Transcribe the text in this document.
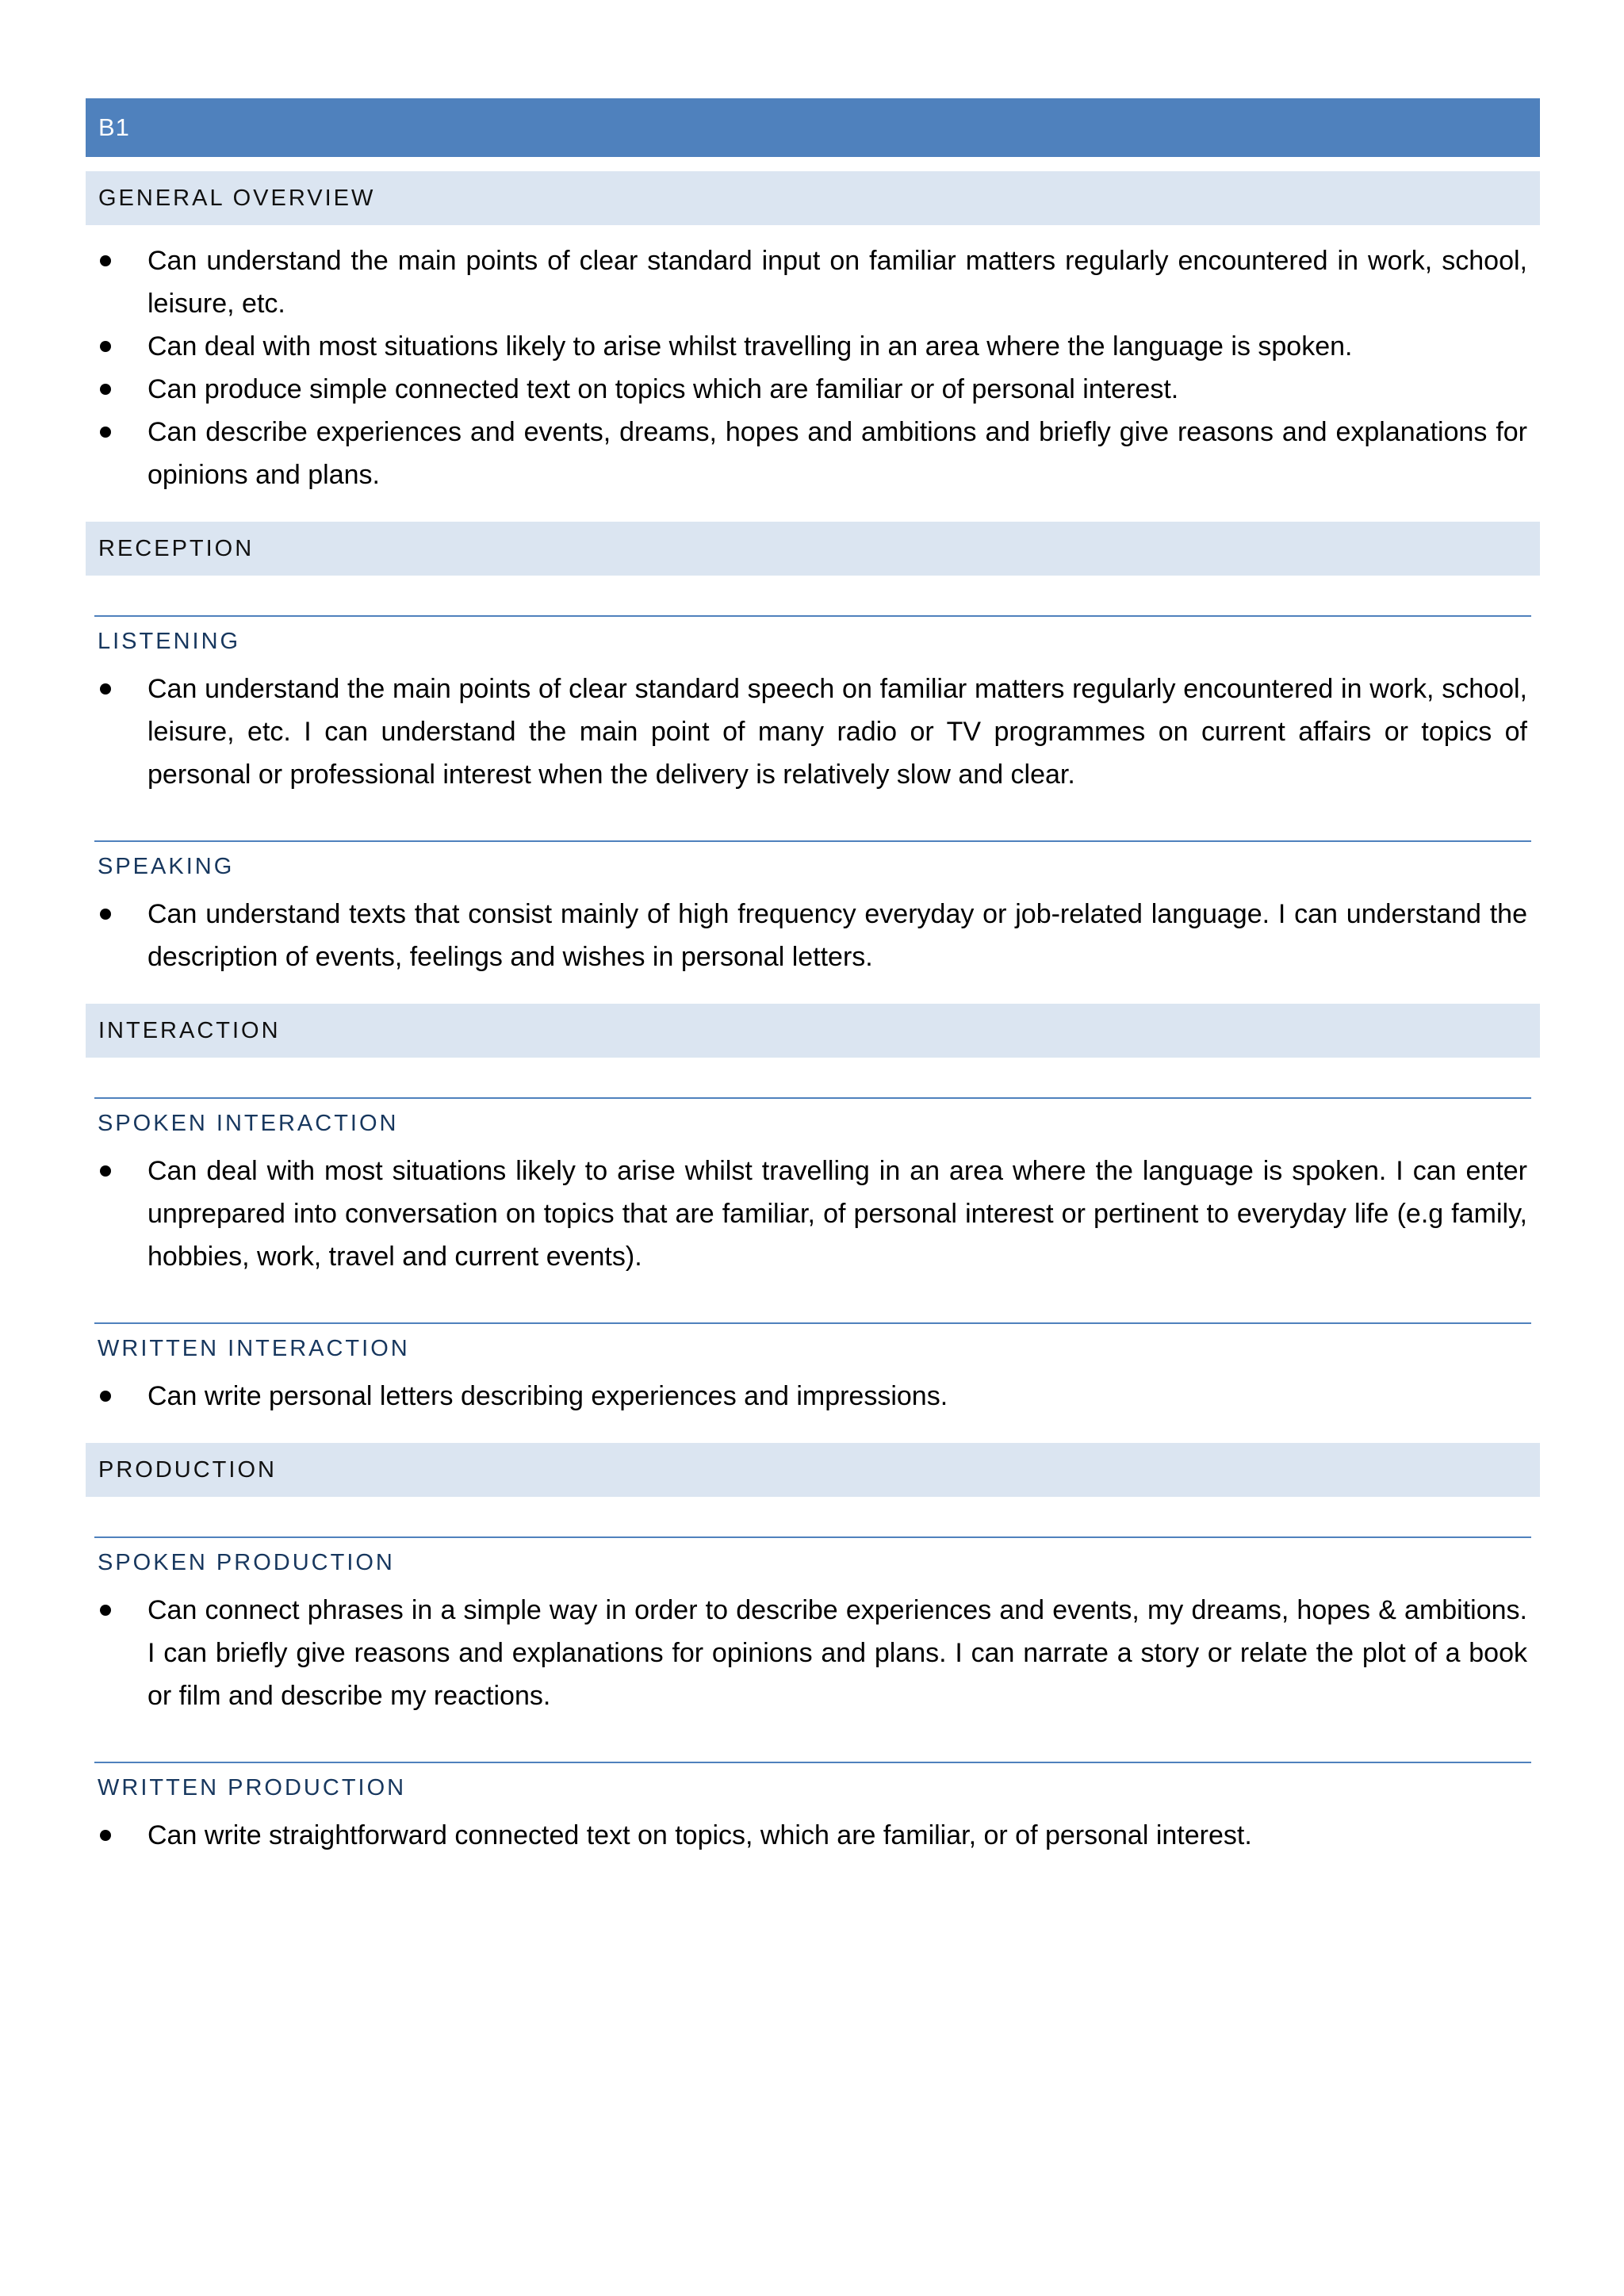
B1
GENERAL OVERVIEW
Can understand the main points of clear standard input on familiar matters regularly encountered in work, school, leisure, etc.
Can deal with most situations likely to arise whilst travelling in an area where the language is spoken.
Can produce simple connected text on topics which are familiar or of personal interest.
Can describe experiences and events, dreams, hopes and ambitions and briefly give reasons and explanations for opinions and plans.
RECEPTION
LISTENING
Can understand the main points of clear standard speech on familiar matters regularly encountered in work, school, leisure, etc. I can understand the main point of many radio or TV programmes on current affairs or topics of personal or professional interest when the delivery is relatively slow and clear.
SPEAKING
Can understand texts that consist mainly of high frequency everyday or job-related language. I can understand the description of events, feelings and wishes in personal letters.
INTERACTION
SPOKEN INTERACTION
Can deal with most situations likely to arise whilst travelling in an area where the language is spoken. I can enter unprepared into conversation on topics that are familiar, of personal interest or pertinent to everyday life (e.g family, hobbies, work, travel and current events).
WRITTEN INTERACTION
Can write personal letters describing experiences and impressions.
PRODUCTION
SPOKEN PRODUCTION
Can connect phrases in a simple way in order to describe experiences and events, my dreams, hopes & ambitions. I can briefly give reasons and explanations for opinions and plans. I can narrate a story or relate the plot of a book or film and describe my reactions.
WRITTEN PRODUCTION
Can write straightforward connected text on topics, which are familiar, or of personal interest.
